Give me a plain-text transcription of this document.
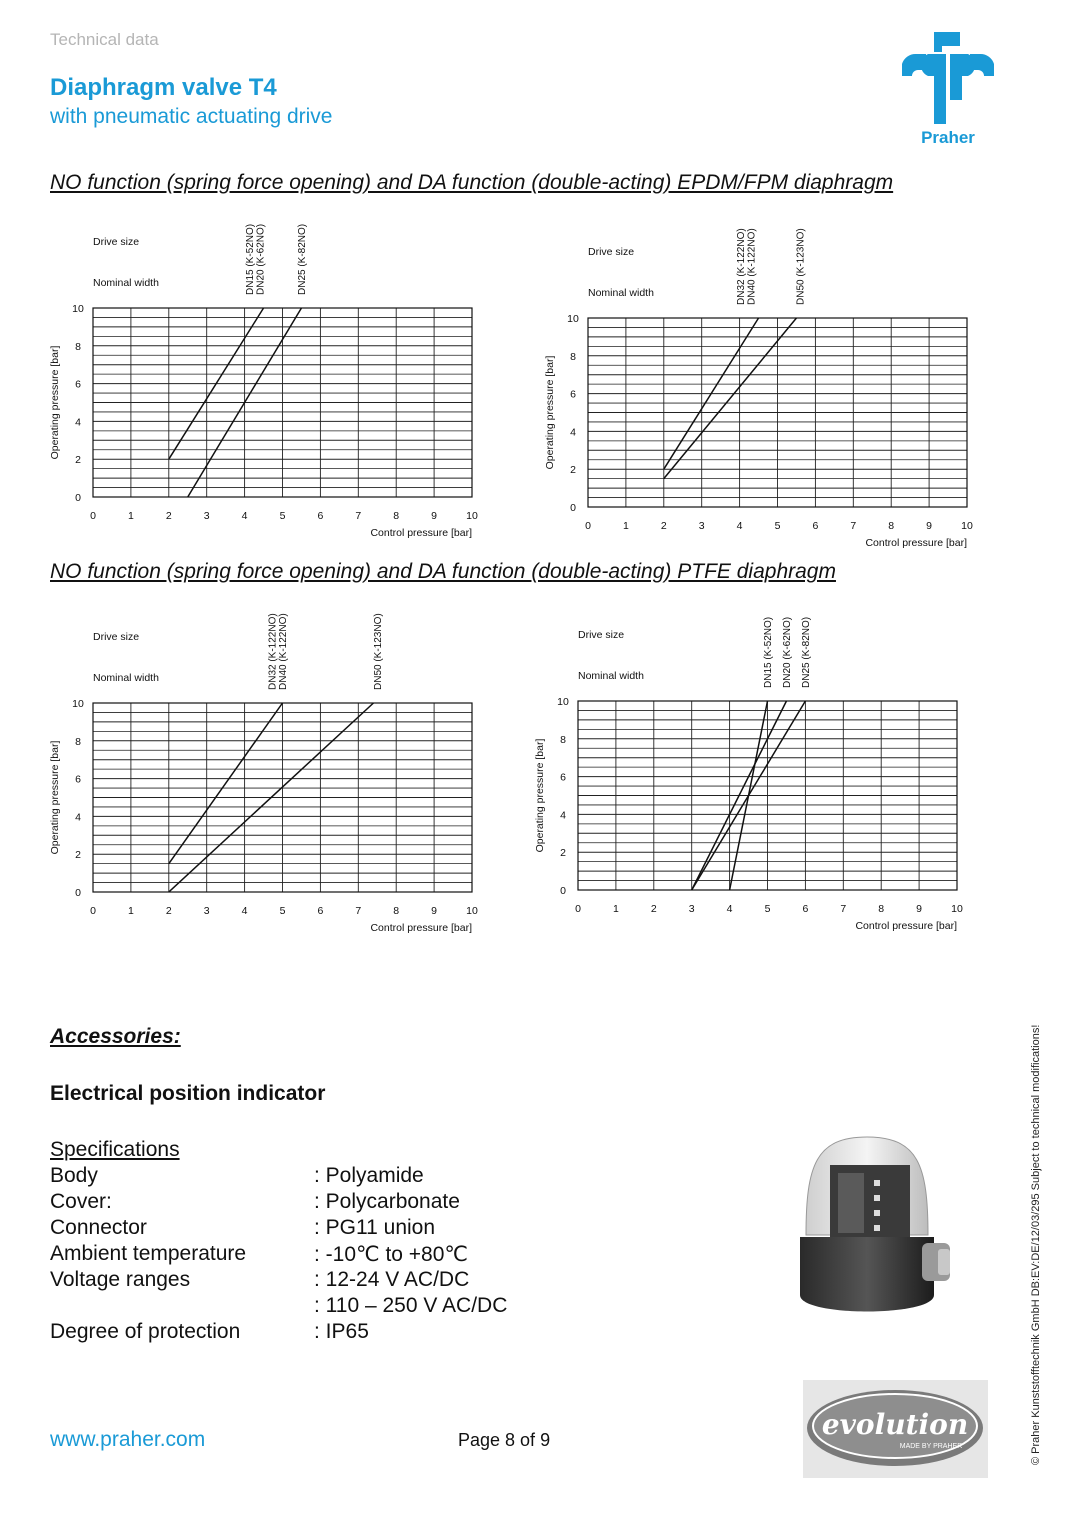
Technical data
Diaphragm valve T4
with pneumatic actuating drive
Praher
NO function (spring force opening) and DA function (double-acting) EPDM/FPM diaphragm
NO function (spring force opening) and DA function (double-acting) PTFE diaphragm
0	1	2	3	4	5	6	7	8	9	10
0
2
4
6
8
10
Control pressure [bar]
Operating pressure [bar]
Drive size
Nominal width	DN15 (K-52NO) DN20 (K-62NO)	DN25 (K-82NO)
0	1	2	3	4	5	6	7	8	9	10
0
2
4
6
8
10
Control pressure [bar]
Operating pressure [bar]
Drive size
Nominal width	DN32 (K-122NO) DN40 (K-122NO)	DN50 (K-123NO)
0	1	2	3	4	5	6	7	8	9	10
0
2
4
6
8
10
Control pressure [bar]
Operating pressure [bar]
Drive size
Nominal width	DN32 (K-122NO) DN40 (K-122NO)	DN50 (K-123NO)
0	1	2	3	4	5	6	7	8	9	10
0
2
4
6
8
10
Control pressure [bar]
Operating pressure [bar]
Drive size
Nominal width	DN15 (K-52NO) DN20 (K-62NO) DN25 (K-82NO)
Accessories:
Electrical position indicator
Specifications
Body	: Polyamide
Cover:	: Polycarbonate
Connector	: PG11 union
Ambient temperature	: -10℃ to +80℃
Voltage ranges	: 12-24 V AC/DC
: 110 – 250 V AC/DC
Degree of protection	: IP65
evolution
MADE BY PRAHER
www.praher.com	Page 8 of 9	© Praher Kunststofftechnik GmbH DB:EV:DE/12/03/295 Subject to technical modifications!
